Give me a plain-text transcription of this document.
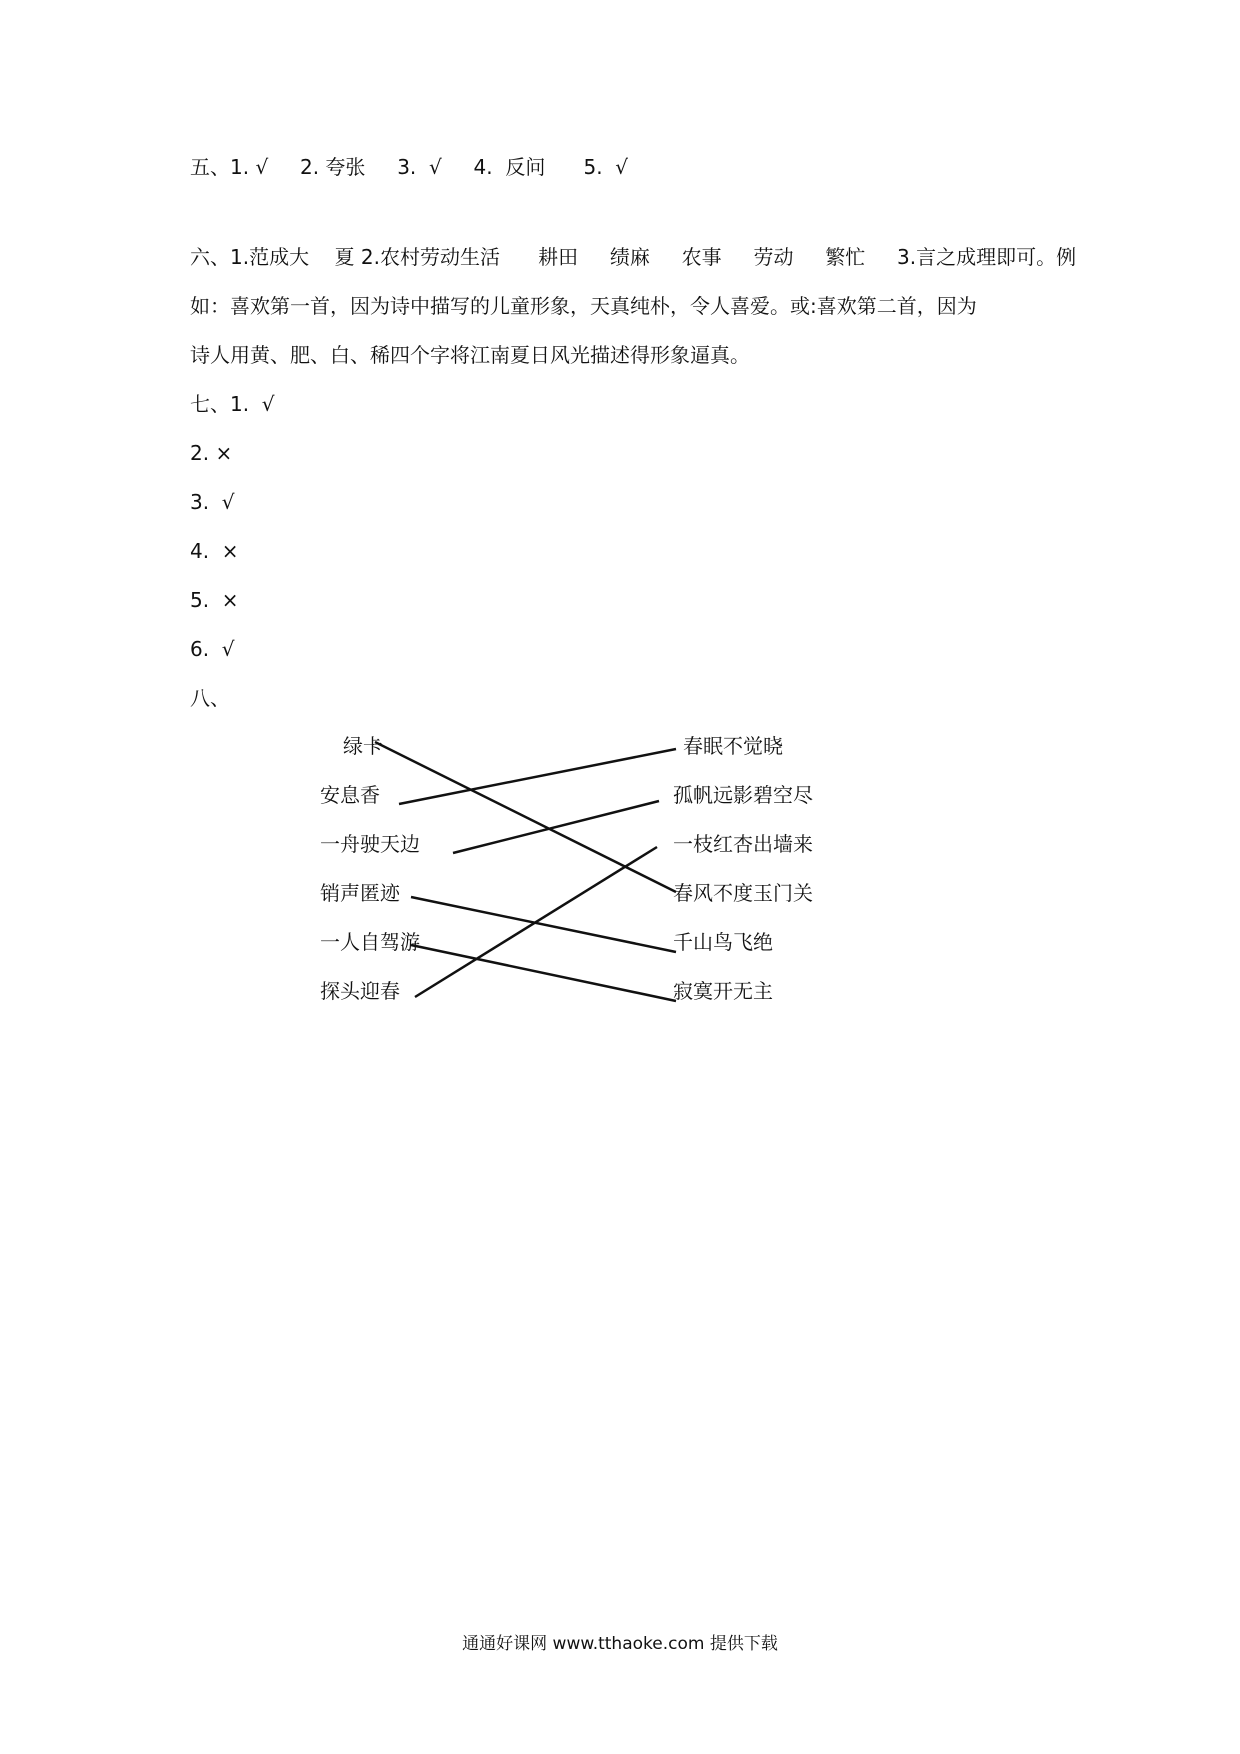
五、1. √     2. 夸张     3.  √     4.  反问      5.  √
六、1.范成大    夏 2.农村劳动生活      耕田     绩麻     农事     劳动     繁忙     3.言之成理即可。例
如：喜欢第一首，因为诗中描写的儿童形象，天真纯朴，令人喜爱。或:喜欢第二首，因为
诗人用黄、肥、白、稀四个字将江南夏日风光描述得形象逼真。
七、1.  √
2. ×
3.  √
4.  ×
5.  ×
6.  √
八、
绿卡
安息香
一舟驶天边
销声匿迹
一人自驾游
探头迎春
春眠不觉晓
孤帆远影碧空尽
一枝红杏出墙来
春风不度玉门关
千山鸟飞绝
寂寞开无主
通通好课网 www.tthaoke.com 提供下载
